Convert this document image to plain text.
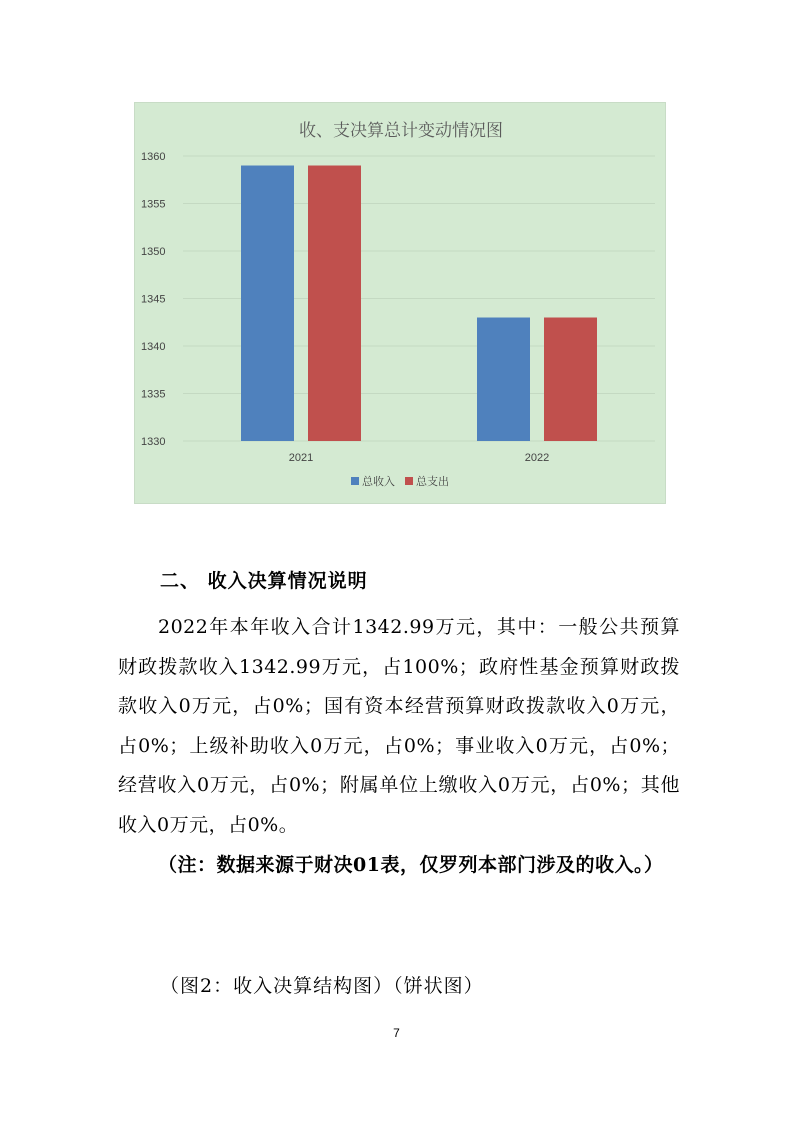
收、支决算总计变动情况图
1330
1335
1340
1345
1350
1355
1360
2021	2022
总收入 总支出
二、 收入决算情况说明
2022年本年收入合计1342.99万元，其中：一般公共预算财政拨款收入1342.99万元，占100%；政府性基金预算财政拨款收入0万元，占0%；国有资本经营预算财政拨款收入0万元，占0%；上级补助收入0万元，占0%；事业收入0万元，占0%；经营收入0万元，占0%；附属单位上缴收入0万元，占0%；其他收入0万元，占0%。
（注：数据来源于财决01表，仅罗列本部门涉及的收入。）
（图2：收入决算结构图）（饼状图）
7
